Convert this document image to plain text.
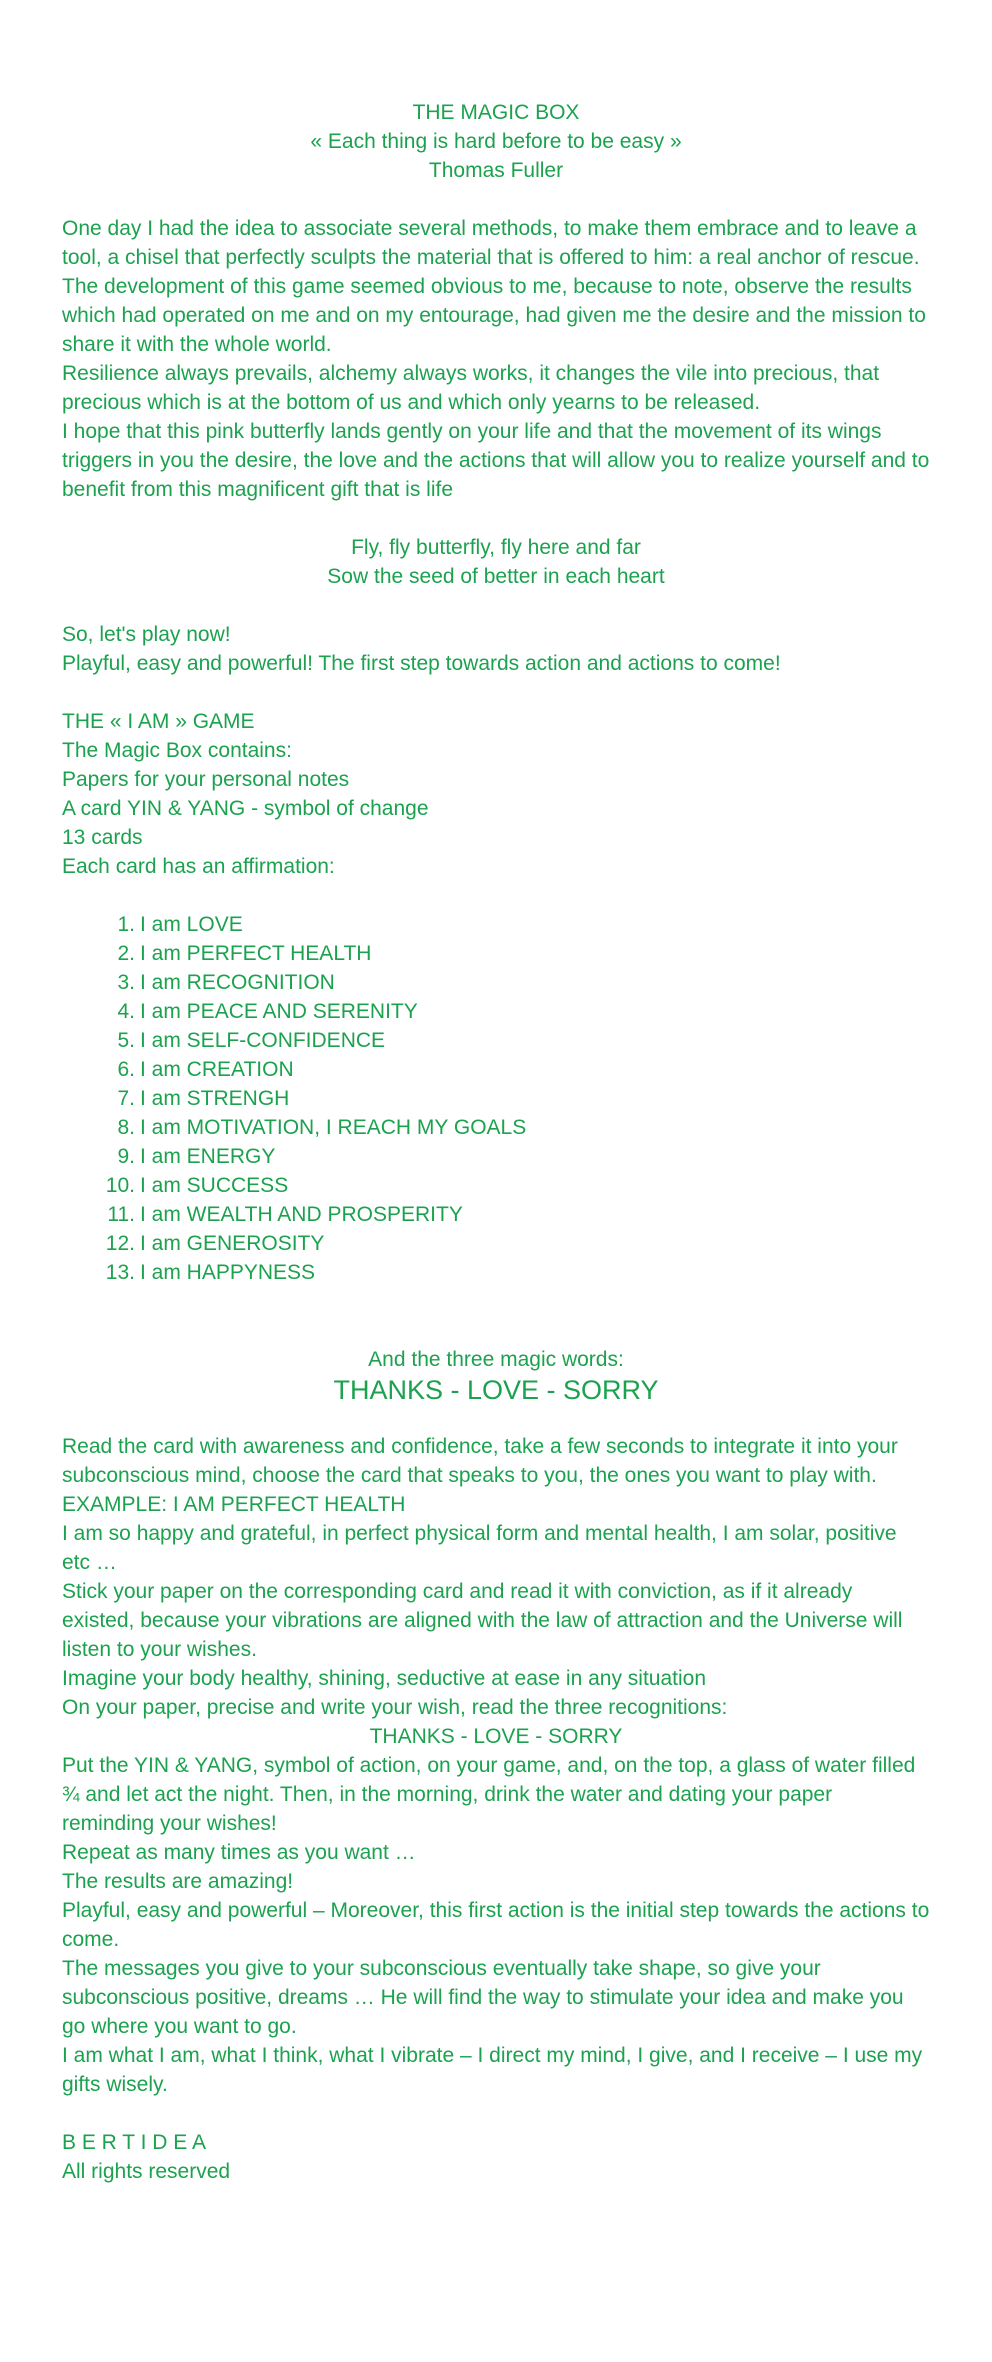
THE MAGIC BOX

« Each thing is hard before to be easy »

Thomas Fuller

One day I had the idea to associate several methods, to make them embrace and to leave a tool, a chisel that perfectly sculpts the material that is offered to him: a real anchor of rescue.

The development of this game seemed obvious to me, because to note, observe the results which had operated on me and on my entourage, had given me the desire and the mission to share it with the whole world.

Resilience always prevails, alchemy always works, it changes the vile into precious, that precious which is at the bottom of us and which only yearns to be released.

I hope that this pink butterfly lands gently on your life and that the movement of its wings triggers in you the desire, the love and the actions that will allow you to realize yourself and to benefit from this magnificent gift that is life

Fly, fly butterfly, fly here and far

Sow the seed of better in each heart

So, let's play now!

Playful, easy and powerful! The first step towards action and actions to come!

THE « I AM » GAME

The Magic Box contains:

Papers for your personal notes

A card YIN & YANG - symbol of change

13 cards

Each card has an affirmation:

1. I am LOVE
2. I am PERFECT HEALTH
3. I am RECOGNITION
4. I am PEACE AND SERENITY
5. I am SELF-CONFIDENCE
6. I am CREATION
7. I am STRENGH
8. I am MOTIVATION, I REACH MY GOALS
9. I am ENERGY
10. I am SUCCESS
11. I am WEALTH AND PROSPERITY
12. I am GENEROSITY
13. I am HAPPYNESS

And the three magic words:

THANKS - LOVE - SORRY

Read the card with awareness and confidence, take a few seconds to integrate it into your subconscious mind, choose the card that speaks to you, the ones you want to play with.

EXAMPLE: I AM PERFECT HEALTH

I am so happy and grateful, in perfect physical form and mental health, I am solar, positive etc …

Stick your paper on the corresponding card and read it with conviction, as if it already existed, because your vibrations are aligned with the law of attraction and the Universe will listen to your wishes.

Imagine your body healthy, shining, seductive at ease in any situation

On your paper, precise and write your wish, read the three recognitions:

THANKS - LOVE - SORRY

Put the YIN & YANG, symbol of action, on your game, and, on the top, a glass of water filled ¾ and let act the night. Then, in the morning, drink the water and dating your paper reminding your wishes!

Repeat as many times as you want …

The results are amazing!

Playful, easy and powerful – Moreover, this first action is the initial step towards the actions to come.

The messages you give to your subconscious eventually take shape, so give your subconscious positive, dreams … He will find the way to stimulate your idea and make you go where you want to go.

I am what I am, what I think, what I vibrate – I direct my mind, I give, and I receive – I use my gifts wisely.

B E R T I D E A

All rights reserved
